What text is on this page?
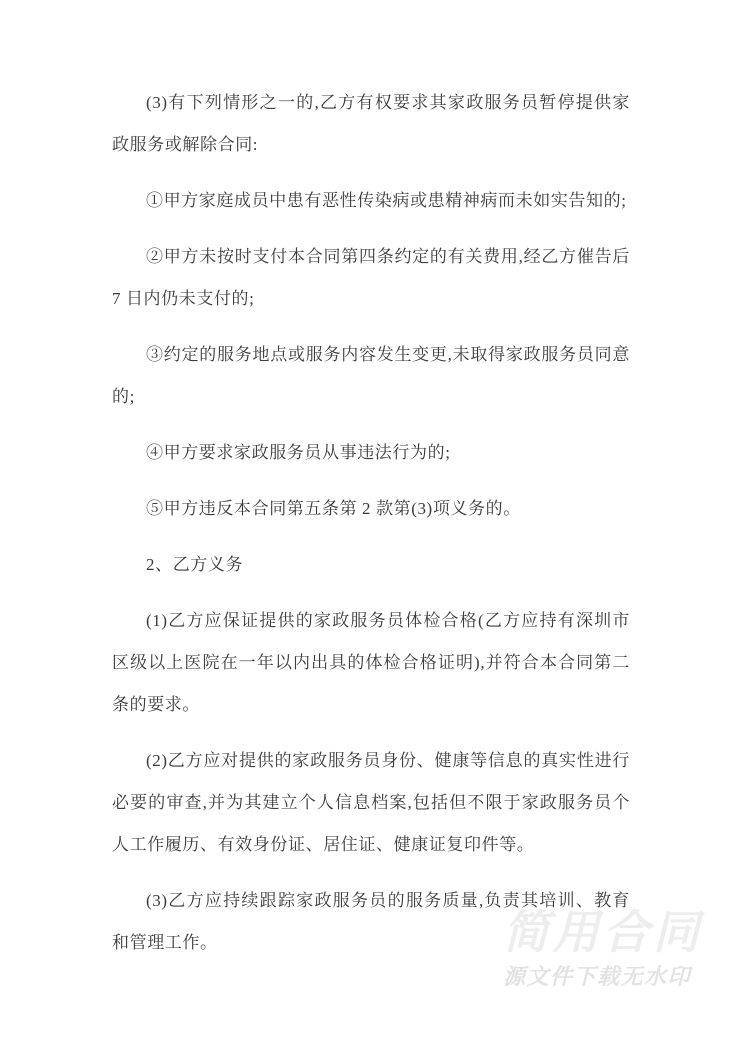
(3)有下列情形之一的,乙方有权要求其家政服务员暂停提供家政服务或解除合同:

①甲方家庭成员中患有恶性传染病或患精神病而未如实告知的;

②甲方未按时支付本合同第四条约定的有关费用,经乙方催告后7 日内仍未支付的;

③约定的服务地点或服务内容发生变更,未取得家政服务员同意的;

④甲方要求家政服务员从事违法行为的;

⑤甲方违反本合同第五条第 2 款第(3)项义务的。

2、乙方义务

(1)乙方应保证提供的家政服务员体检合格(乙方应持有深圳市区级以上医院在一年以内出具的体检合格证明),并符合本合同第二条的要求。

(2)乙方应对提供的家政服务员身份、健康等信息的真实性进行必要的审查,并为其建立个人信息档案,包括但不限于家政服务员个人工作履历、有效身份证、居住证、健康证复印件等。

(3)乙方应持续跟踪家政服务员的服务质量,负责其培训、教育和管理工作。	简用合同
源文件下载无水印
